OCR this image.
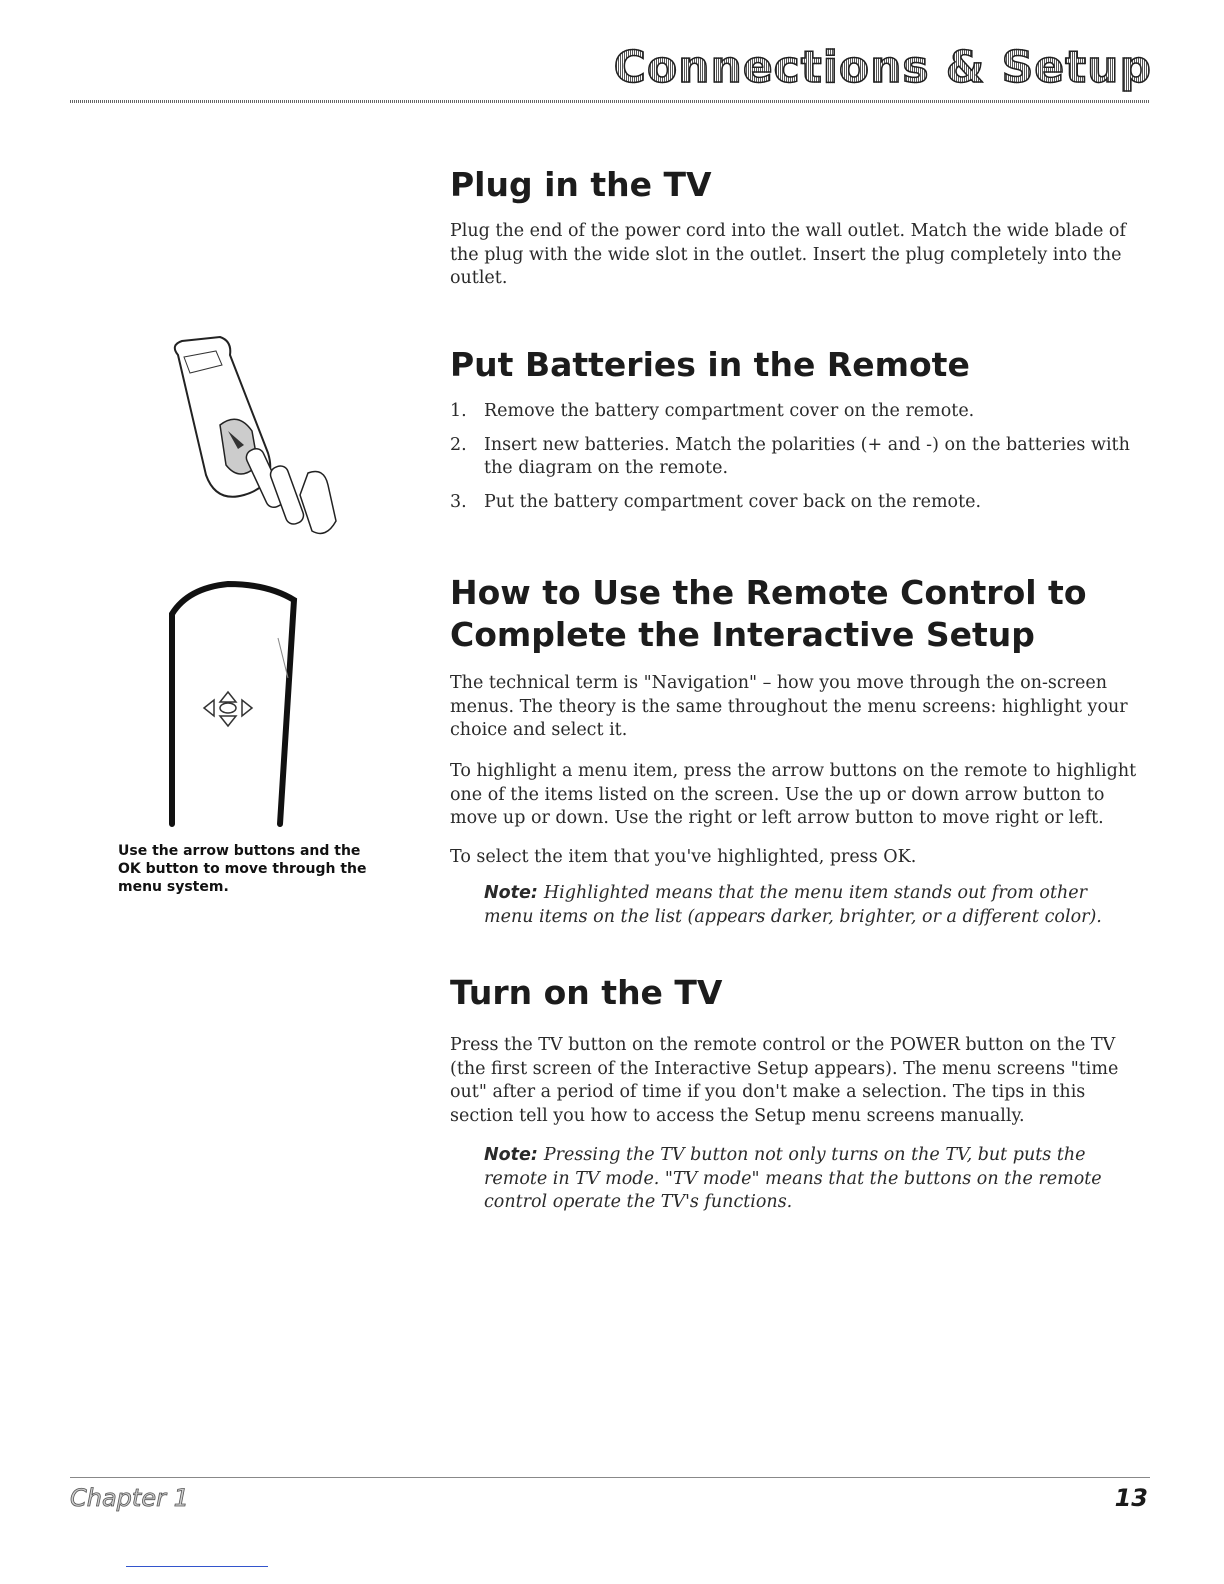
Connections & Setup
Plug in the TV

Plug the end of the power cord into the wall outlet. Match the wide blade of the plug with the wide slot in the outlet. Insert the plug completely into the outlet.

Put Batteries in the Remote
1. Remove the battery compartment cover on the remote.
2. Insert new batteries. Match the polarities (+ and -) on the batteries with the diagram on the remote.
3. Put the battery compartment cover back on the remote.

Use the arrow buttons and the OK button to move through the menu system.

How to Use the Remote Control to
Complete the Interactive Setup

The technical term is "Navigation" – how you move through the on-screen menus. The theory is the same throughout the menu screens: highlight your choice and select it.

To highlight a menu item, press the arrow buttons on the remote to highlight one of the items listed on the screen. Use the up or down arrow button to move up or down. Use the right or left arrow button to move right or left.

To select the item that you've highlighted, press OK.

Note: Highlighted means that the menu item stands out from other menu items on the list (appears darker, brighter, or a different color).

Turn on the TV

Press the TV button on the remote control or the POWER button on the TV (the first screen of the Interactive Setup appears). The menu screens "time out" after a period of time if you don't make a selection. The tips in this section tell you how to access the Setup menu screens manually.

Note: Pressing the TV button not only turns on the TV, but puts the remote in TV mode. "TV mode" means that the buttons on the remote control operate the TV's functions.

Chapter 1	13
